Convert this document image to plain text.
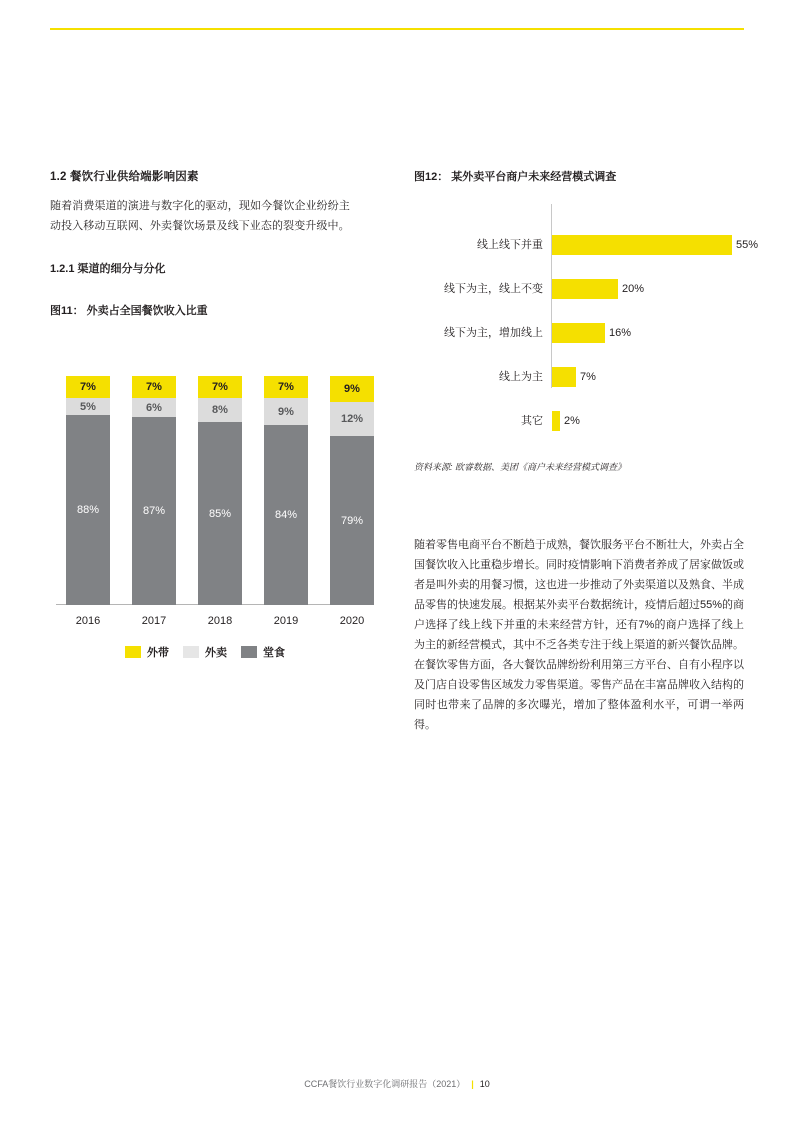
1.2 餐饮行业供给端影响因素

随着消费渠道的演进与数字化的驱动，现如今餐饮企业纷纷主动投入移动互联网、外卖餐饮场景及线下业态的裂变升级中。

1.2.1 渠道的细分与分化
图11： 外卖占全国餐饮收入比重
7%
5%
88%
7%
6%
87%
7%
8%
85%
7%
9%
84%
9%
12%
79%
2016	2017	2018	2019	2020
外带	外卖	堂食
图12： 某外卖平台商户未来经营模式调查
线上线下并重	55%
线下为主，线上不变	20%
线下为主，增加线上	16%
线上为主	7%
其它 2%
资料来源: 欧睿数据、美团《商户未来经营模式调查》

随着零售电商平台不断趋于成熟，餐饮服务平台不断壮大，外卖占全国餐饮收入比重稳步增长。同时疫情影响下消费者养成了居家做饭或者是叫外卖的用餐习惯，这也进一步推动了外卖渠道以及熟食、半成品零售的快速发展。根据某外卖平台数据统计，疫情后超过55%的商户选择了线上线下并重的未来经营方针，还有7%的商户选择了线上为主的新经营模式，其中不乏各类专注于线上渠道的新兴餐饮品牌。在餐饮零售方面，各大餐饮品牌纷纷利用第三方平台、自有小程序以及门店自设零售区域发力零售渠道。零售产品在丰富品牌收入结构的同时也带来了品牌的多次曝光，增加了整体盈利水平，可谓一举两得。

CCFA餐饮行业数字化调研报告（2021） | 10
